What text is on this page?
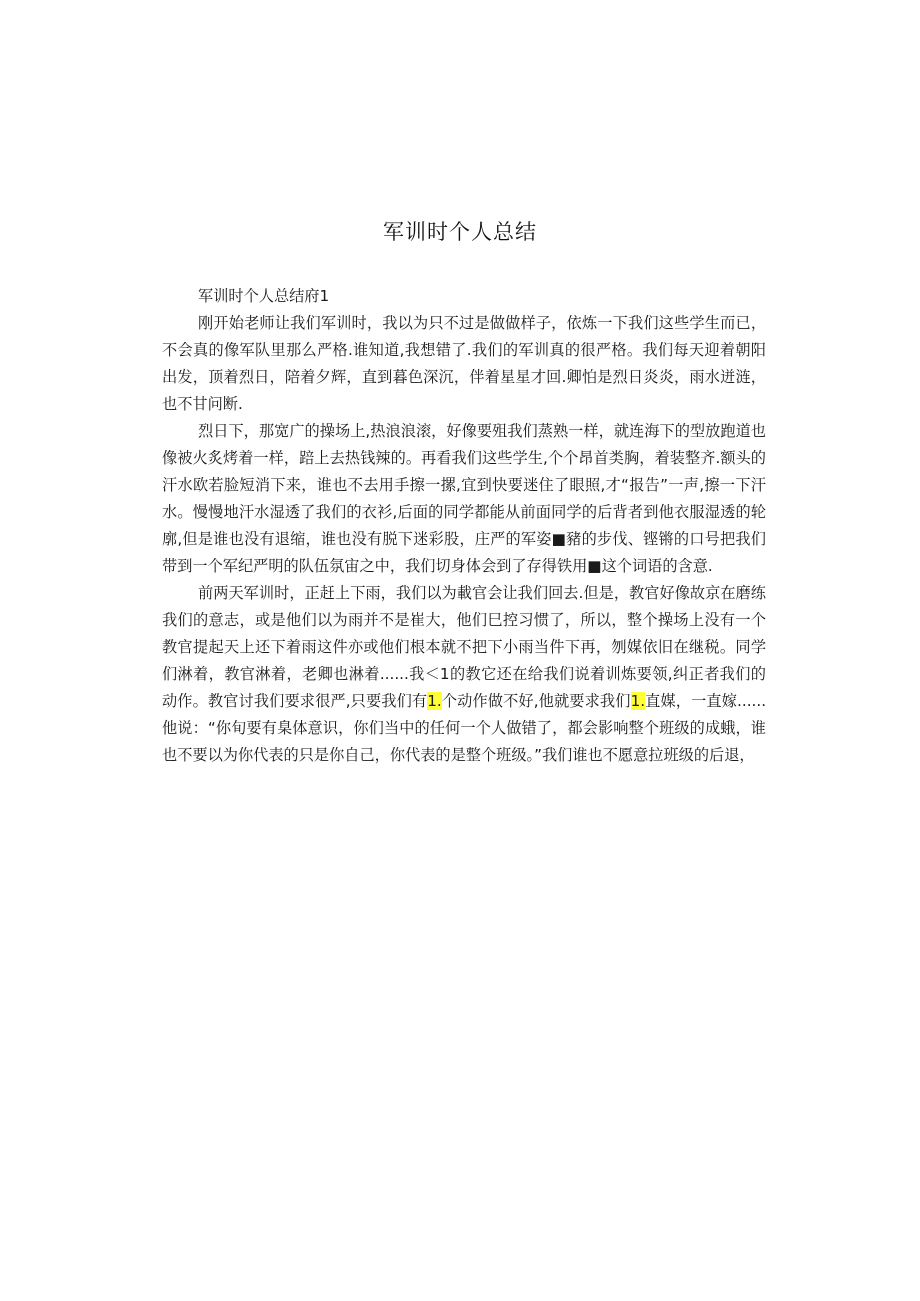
军训时个人总结

军训时个人总结府1

刚开始老师让我们军训时，我以为只不过是做做样子，依炼一下我们这些学生而已，不会真的像军队里那么严格.谁知道,我想错了.我们的军训真的很严格。我们每天迎着朝阳出发，顶着烈日，陪着夕辉，直到暮色深沉，伴着星星才回.卿怕是烈日炎炎，雨水迸涟，也不甘问断.

烈日下，那宽广的操场上,热浪浪滚，好像要殂我们蒸熟一样，就连海下的型放跑道也像被火炙烤着一样，踣上去热钱辣的。再看我们这些学生,个个昂首类胸，着装整齐.额头的汗水欧若脸短消下来，谁也不去用手擦一摞,宜到快要迷住了眼照,才“报告”一声,擦一下汗水。慢慢地汗水湿透了我们的衣衫,后面的同学都能从前面同学的后背者到他衣服湿透的轮廓,但是谁也没有退缩，谁也没有脱下迷彩股，庄严的军姿■豬的步伐、铿锵的口号把我们带到一个军纪严明的队伍氛宙之中，我们切身体会到了存得铁用■这个词语的含意.

前两天军训时，正赶上下雨，我们以为載官会让我们回去.但是，教官好像故京在磨练我们的意志，或是他们以为雨并不是崔大，他们巳控习惯了，所以，整个操场上没有一个教官提起天上还下着雨这件亦或他们根本就不把下小雨当件下再，刎媒依旧在继税。同学们淋着，教官淋着，老卿也淋着......我＜1的教它还在给我们说着训炼要领,纠正者我们的动作。教官讨我们要求很严,只要我们有1.个动作做不好,他就要求我们1.直媒，一直嫁......他说：“你旬要有臬体意识，你们当中的任何一个人做错了，都会影响整个班级的成蛾，谁也不要以为你代表的只是你自己，你代表的是整个班级。”我们谁也不愿意拉班级的后退，
